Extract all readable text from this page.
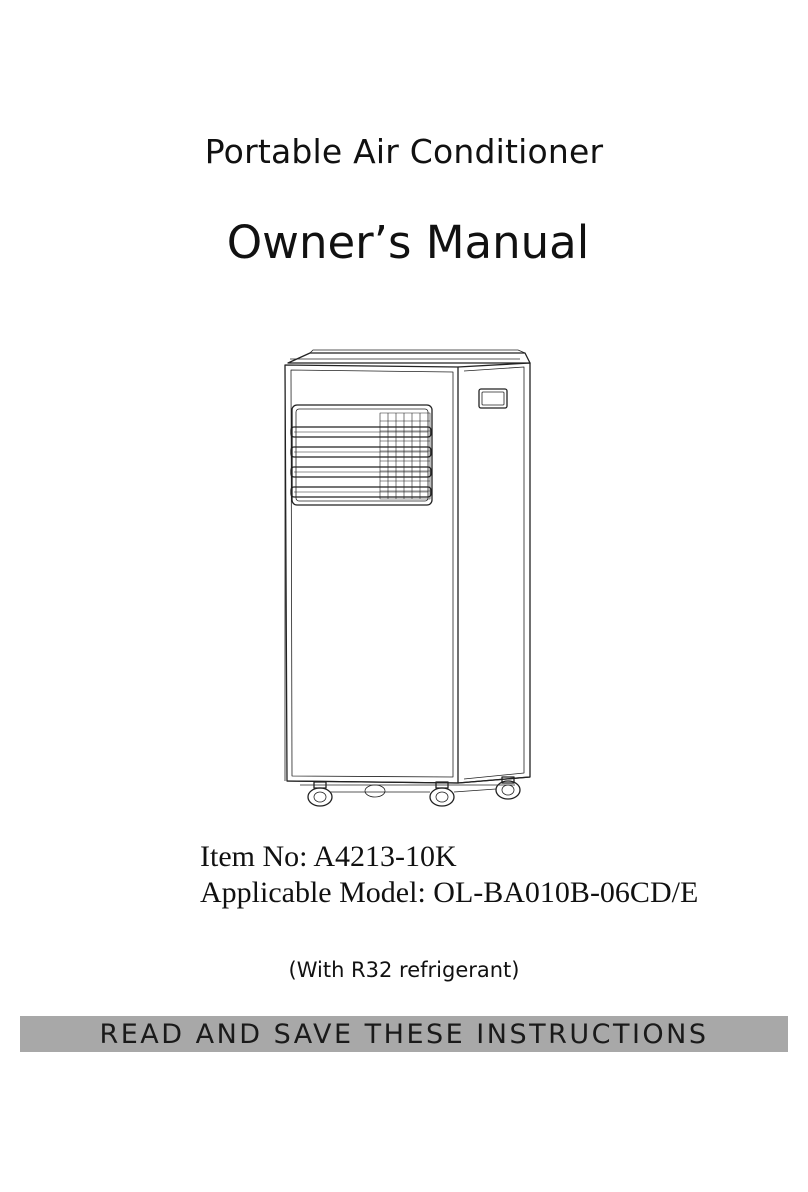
Portable Air Conditioner
Owner’s Manual
Item No: A4213-10K
Applicable Model: OL-BA010B-06CD/E
(With R32 refrigerant)
READ AND SAVE THESE INSTRUCTIONS
